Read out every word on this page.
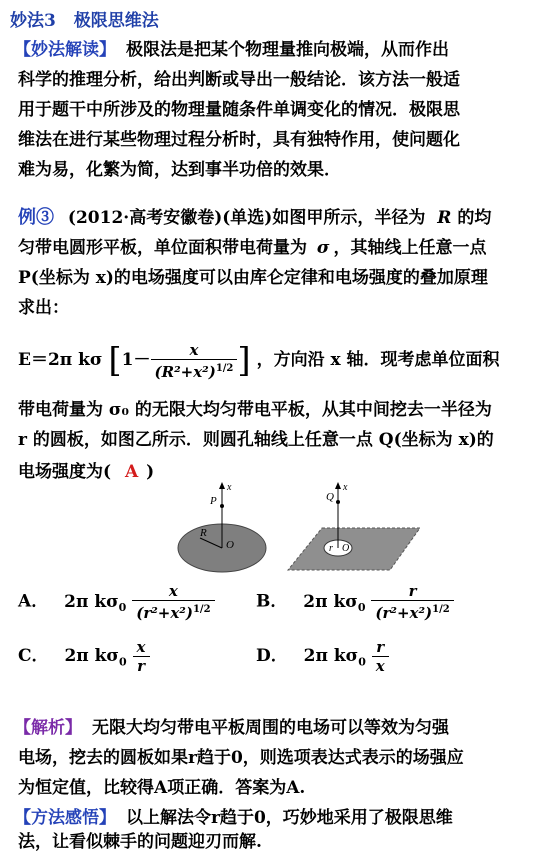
妙法3 极限思维法
【妙法解读】 极限法是把某个物理量推向极端，从而作出
科学的推理分析，给出判断或导出一般结论．该方法一般适
用于题干中所涉及的物理量随条件单调变化的情况．极限思
维法在进行某些物理过程分析时，具有独特作用，使问题化
难为易，化繁为简，达到事半功倍的效果．
例③ (2012·高考安徽卷)(单选)如图甲所示，半径为 R 的均
匀带电圆形平板，单位面积带电荷量为 σ ，其轴线上任意一点
P(坐标为 x)的电场强度可以由库仑定律和电场强度的叠加原理
求出：
E＝2π kσ [$1- \frac{x}{(R^2+x^2)^{1/2}}$ ] ，方向沿 x 轴．现考虑单位面积
带电荷量为 σ₀ 的无限大均匀带电平板，从其中间挖去一半径为
r 的圆板，如图乙所示．则圆孔轴线上任意一点 Q(坐标为 x)的
电场强度为( A )
P
x
R
O
Q
x
r O
A． 2π $k\sigma_0 \frac{x}{(r^2+x^2)^{1/2}}$ B． 2π $k\sigma_0 \frac{r}{(r^2+x^2)^{1/2}}$
C． 2π $k\sigma_0 \frac{x}{r}$	D． 2π $k\sigma_0 \frac{r}{x}$
【解析】 无限大均匀带电平板周围的电场可以等效为匀强
电场，挖去的圆板如果r趋于0，则选项表达式表示的场强应
为恒定值，比较得A项正确．答案为A.
【方法感悟】 以上解法令r趋于0，巧妙地采用了极限思维
法，让看似棘手的问题迎刃而解.
